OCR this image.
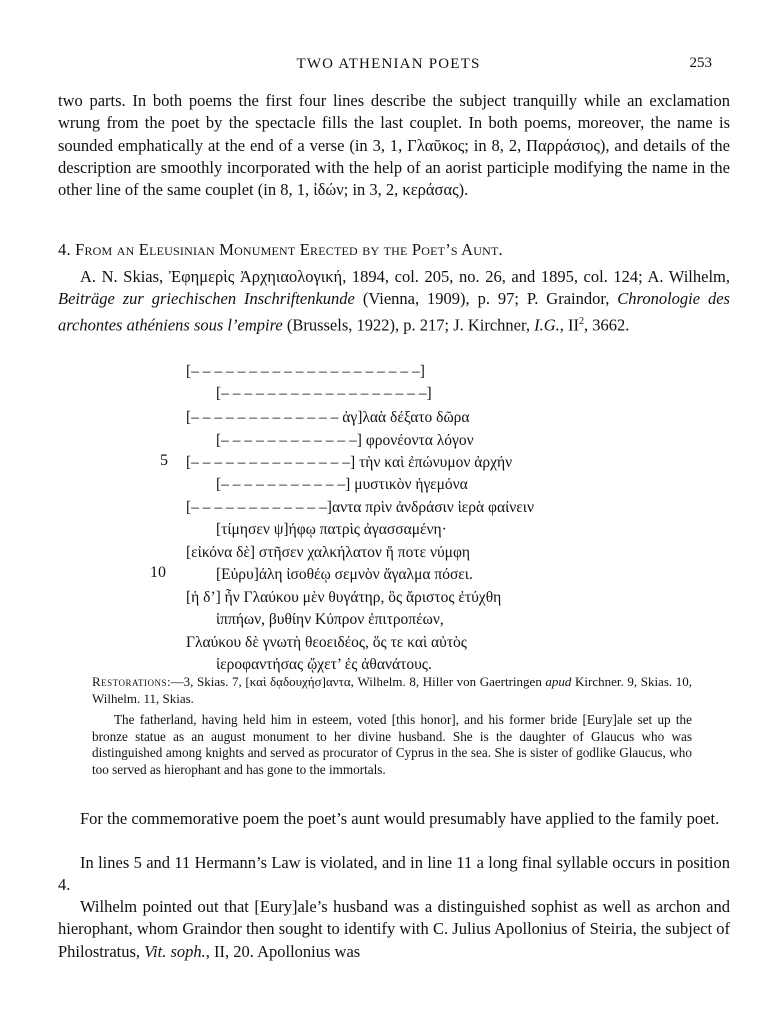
TWO ATHENIAN POETS	253

two parts. In both poems the first four lines describe the subject tranquilly while an exclamation wrung from the poet by the spectacle fills the last couplet. In both poems, moreover, the name is sounded emphatically at the end of a verse (in 3, 1, Γλαῦκος; in 8, 2, Παρράσιος), and details of the description are smoothly incorporated with the help of an aorist participle modifying the name in the other line of the same couplet (in 8, 1, ἰδών; in 3, 2, κεράσας).

4. From an Eleusinian Monument Erected by the Poet’s Aunt.

A. N. Skias, Ἐφημερὶς Ἀρχηιαολογική, 1894, col. 205, no. 26, and 1895, col. 124; A. Wilhelm, Beiträge zur griechischen Inschriftenkunde (Vienna, 1909), p. 97; P. Graindor, Chronologie des archontes athéniens sous l’empire (Brussels, 1922), p. 217; J. Kirchner, I.G., $II^2$, 3662.

[– – – – – – – – – – – – – – – – – – – –]
[– – – – – – – – – – – – – – – – – –]
[– – – – – – – – – – – – – ἀγ]λαὰ δέξατο δῶρα
[– – – – – – – – – – – –] φρονέοντα λόγον
5 [– – – – – – – – – – – – – –] τὴν καὶ ἐπώνυμον ἀρχήν
[– – – – – – – – – – –] μυστικὸν ἡγεμόνα
[– – – – – – – – – – – –]αντα πρὶν ἀνδράσιν ἱερὰ φαίνειν
[τίμησεν ψ]ήφῳ πατρὶς ἀγασσαμένη·
[εἰκόνα δὲ] στῆσεν χαλκήλατον ἥ ποτε νύμφη
10	[Εὐρυ]άλη ἰσοθέῳ σεμνὸν ἄγαλμα πόσει.
[ἡ δ’] ἦν Γλαύκου μὲν θυγάτηρ, ὃς ἄριστος ἐτύχθη
ἱππήων, βυθίην Κύπρον ἐπιτροπέων,
Γλαύκου δὲ γνωτὴ θεοειδέος, ὅς τε καὶ αὐτὸς
ἱεροφαντήσας ᾤχετ’ ἐς ἀθανάτους.
Restorations:—3, Skias. 7, [καὶ δᾳδουχήσ]αντα, Wilhelm. 8, Hiller von Gaertringen apud Kirchner. 9, Skias. 10, Wilhelm. 11, Skias.
The fatherland, having held him in esteem, voted [this honor], and his former bride [Eury]ale set up the bronze statue as an august monument to her divine husband. She is the daughter of Glaucus who was distinguished among knights and served as procurator of Cyprus in the sea. She is sister of godlike Glaucus, who too served as hierophant and has gone to the immortals.

For the commemorative poem the poet’s aunt would presumably have applied to the family poet.

In lines 5 and 11 Hermann’s Law is violated, and in line 11 a long final syllable occurs in position 4.

Wilhelm pointed out that [Eury]ale’s husband was a distinguished sophist as well as archon and hierophant, whom Graindor then sought to identify with C. Julius Apollonius of Steiria, the subject of Philostratus, Vit. soph., II, 20. Apollonius was
